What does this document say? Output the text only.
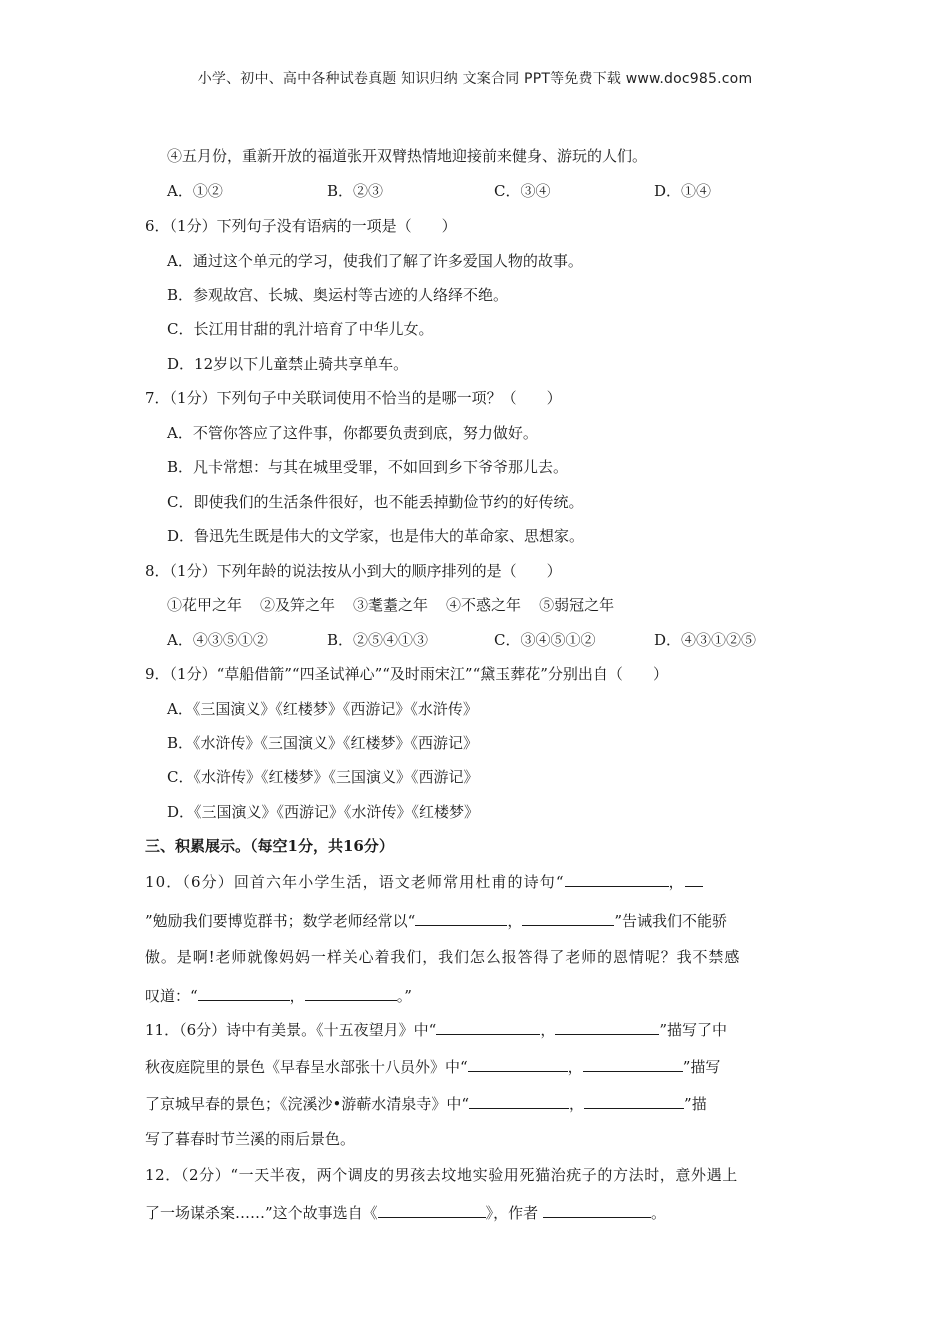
小学、初中、高中各种试卷真题 知识归纳 文案合同 PPT等免费下载 www.doc985.com
④五月份，重新开放的福道张开双臂热情地迎接前来健身、游玩的人们。
A．①②	B．②③	C．③④	D．①④
6．（1分）下列句子没有语病的一项是（　　）
A．通过这个单元的学习，使我们了解了许多爱国人物的故事。
B．参观故宫、长城、奥运村等古迹的人络绎不绝。
C．长江用甘甜的乳汁培育了中华儿女。
D．12岁以下儿童禁止骑共享单车。
7．（1分）下列句子中关联词使用不恰当的是哪一项？（　　）
A．不管你答应了这件事，你都要负责到底，努力做好。
B．凡卡常想：与其在城里受罪，不如回到乡下爷爷那儿去。
C．即使我们的生活条件很好，也不能丢掉勤俭节约的好传统。
D．鲁迅先生既是伟大的文学家，也是伟大的革命家、思想家。
8．（1分）下列年龄的说法按从小到大的顺序排列的是（　　）
①花甲之年 ②及笄之年 ③耄耋之年 ④不惑之年 ⑤弱冠之年
A．④③⑤①②	B．②⑤④①③	C．③④⑤①②	D．④③①②⑤
9．（1分）“草船借箭”“四圣试禅心”“及时雨宋江”“黛玉葬花”分别出自（　　）
A．《三国演义》《红楼梦》《西游记》《水浒传》
B．《水浒传》《三国演义》《红楼梦》《西游记》
C．《水浒传》《红楼梦》《三国演义》《西游记》
D．《三国演义》《西游记》《水浒传》《红楼梦》
三、积累展示。（每空1分，共16分）
10．（6分）回首六年小学生活，语文老师常用杜甫的诗句“	，
”勉励我们要博览群书；数学老师经常以“	，	”告诫我们不能骄
傲。是啊!老师就像妈妈一样关心着我们，我们怎么报答得了老师的恩情呢？我不禁感
叹道：“	，	。”
11．（6分）诗中有美景。《十五夜望月》中“	，	”描写了中
秋夜庭院里的景色《早春呈水部张十八员外》中“	，	”描写
了京城早春的景色；《浣溪沙•游蕲水清泉寺》中“	，	”描
写了暮春时节兰溪的雨后景色。
12．（2分）“一天半夜，两个调皮的男孩去坟地实验用死猫治疣子的方法时，意外遇上
了一场谋杀案……”这个故事选自《	》，作者	。
